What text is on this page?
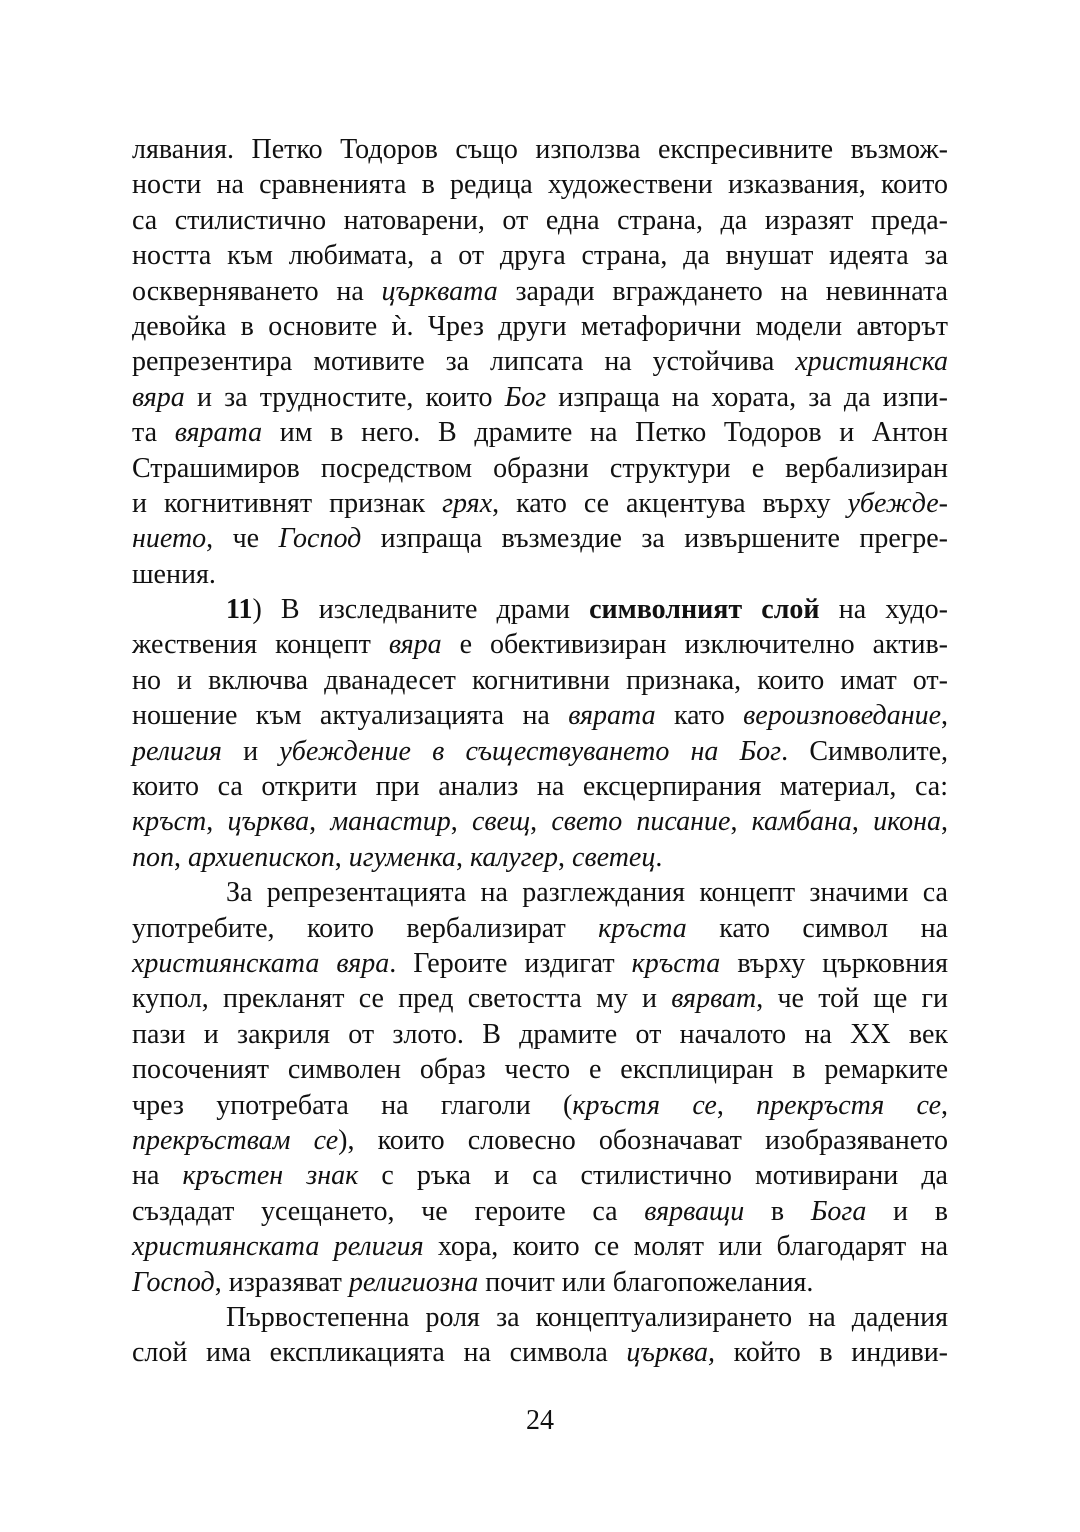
лявания. Петко Тодоров също използва експресивните възмож-
ности на сравненията в редица художествени изказвания, които
са стилистично натоварени, от една страна, да изразят преда-
ността към любимата, а от друга страна, да внушат идеята за
оскверняването на църквата заради вграждането на невинната
девойка в основите ѝ. Чрез други метафорични модели авторът
репрезентира мотивите за липсата на устойчива християнска
вяра и за трудностите, които Бог изпраща на хората, за да изпи-
та вярата им в него. В драмите на Петко Тодоров и Антон
Страшимиров посредством образни структури е вербализиран
и когнитивнят признак грях, като се акцентува върху убежде-
нието, че Господ изпраща възмездие за извършените прегре-
шения.
11) В изследваните драми символният слой на худо-
жествения концепт вяра е обективизиран изключително актив-
но и включва дванадесет когнитивни признака, които имат от-
ношение към актуализацията на вярата като вероизповедание,
религия и убеждение в съществуването на Бог. Символите,
които са открити при анализ на ексцерпирания материал, са:
кръст, църква, манастир, свещ, свето писание, камбана, икона,
поп, архиепископ, игуменка, калугер, светец.
За репрезентацията на разглеждания концепт значими са
употребите, които вербализират кръста като символ на
християнската вяра. Героите издигат кръста върху църковния
купол, прекланят се пред светостта му и вярват, че той ще ги
пази и закриля от злото. В драмите от началото на ХХ век
посоченият символен образ често е експлициран в ремарките
чрез употребата на глаголи (кръстя се, прекръстя се,
прекръствам се), които словесно обозначават изобразяването
на кръстен знак с ръка и са стилистично мотивирани да
създадат усещането, че героите са вярващи в Бога и в
християнската религия хора, които се молят или благодарят на
Господ, изразяват религиозна почит или благопожелания.
Първостепенна роля за концептуализирането на дадения
слой има експликацията на символа църква, който в индиви-
24
